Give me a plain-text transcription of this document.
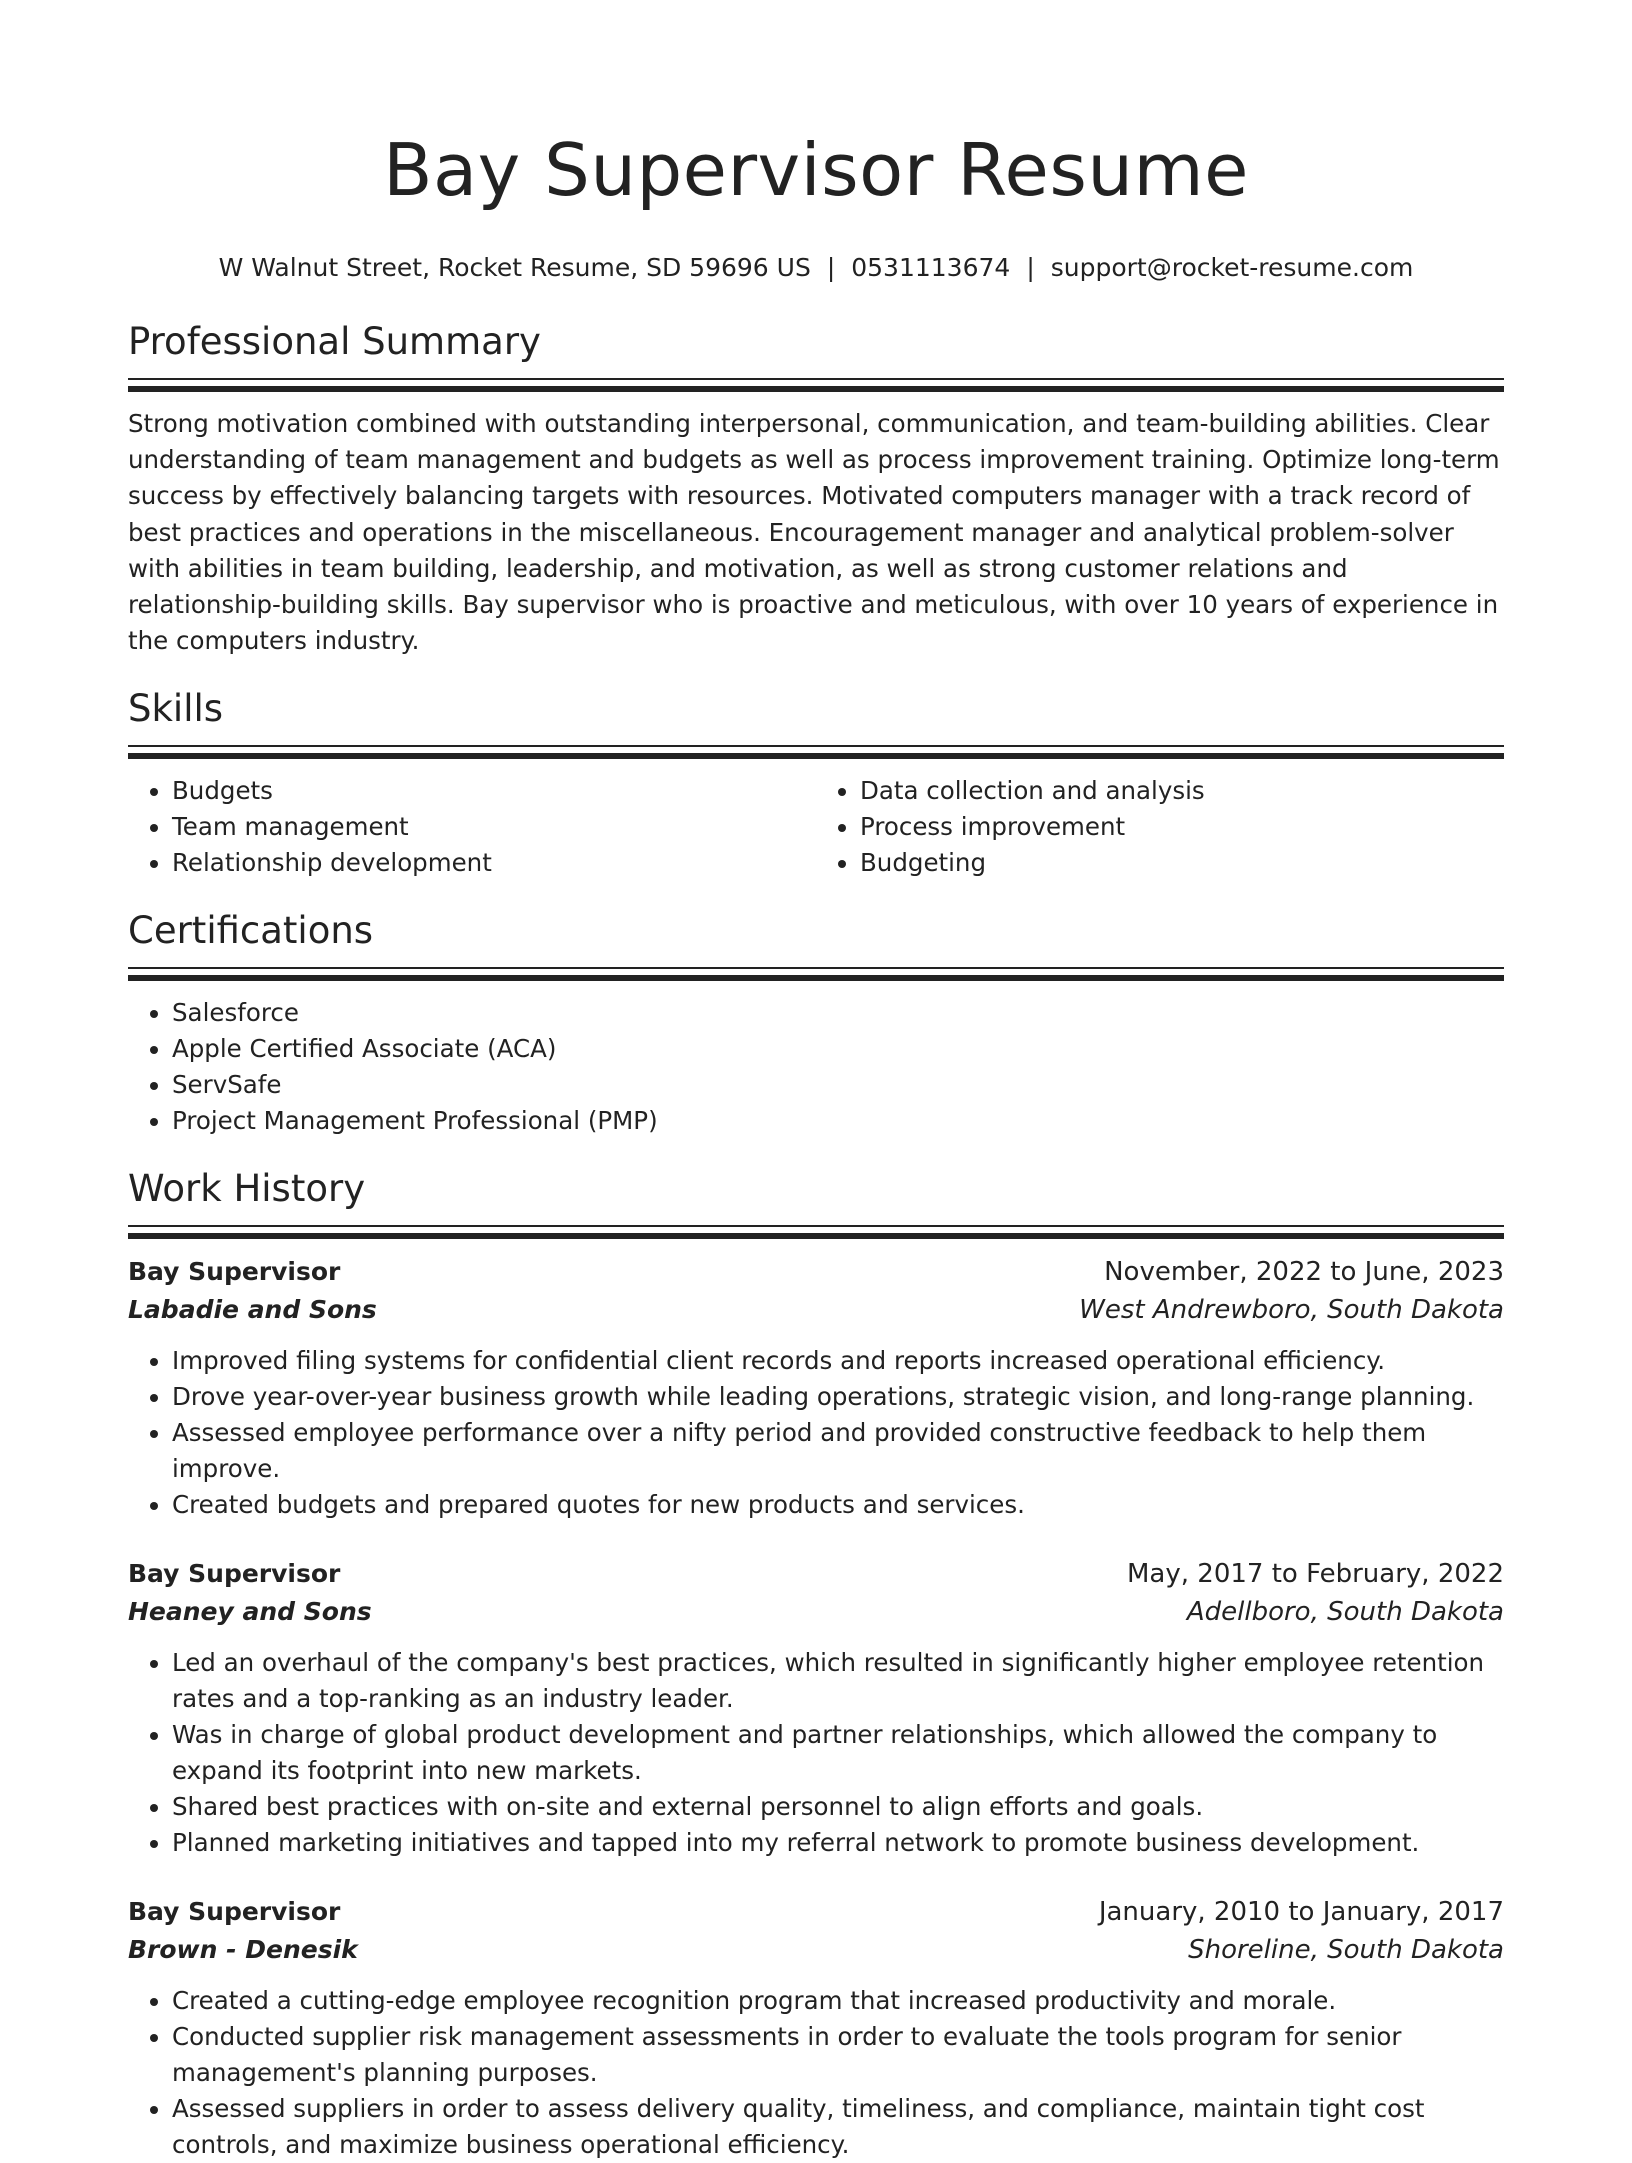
Bay Supervisor Resume
W Walnut Street, Rocket Resume, SD 59696 US | 0531113674 | support@rocket-resume.com
Professional Summary

Strong motivation combined with outstanding interpersonal, communication, and team-building abilities. Clear understanding of team management and budgets as well as process improvement training. Optimize long-term success by effectively balancing targets with resources. Motivated computers manager with a track record of best practices and operations in the miscellaneous. Encouragement manager and analytical problem-solver with abilities in team building, leadership, and motivation, as well as strong customer relations and relationship-building skills. Bay supervisor who is proactive and meticulous, with over 10 years of experience in the computers industry.

Skills
• Budgets
• Team management
• Relationship development
• Data collection and analysis
• Process improvement
• Budgeting
Certifications
• Salesforce
• Apple Certified Associate (ACA)
• ServSafe
• Project Management Professional (PMP)
Work History
Bay Supervisor	November, 2022 to June, 2023
Labadie and Sons	West Andrewboro, South Dakota
• Improved filing systems for confidential client records and reports increased operational efficiency.
• Drove year-over-year business growth while leading operations, strategic vision, and long-range planning.
• Assessed employee performance over a nifty period and provided constructive feedback to help them improve.
• Created budgets and prepared quotes for new products and services.
Bay Supervisor	May, 2017 to February, 2022
Heaney and Sons	Adellboro, South Dakota
• Led an overhaul of the company's best practices, which resulted in significantly higher employee retention rates and a top-ranking as an industry leader.
• Was in charge of global product development and partner relationships, which allowed the company to expand its footprint into new markets.
• Shared best practices with on-site and external personnel to align efforts and goals.
• Planned marketing initiatives and tapped into my referral network to promote business development.
Bay Supervisor	January, 2010 to January, 2017
Brown - Denesik	Shoreline, South Dakota
• Created a cutting-edge employee recognition program that increased productivity and morale.
• Conducted supplier risk management assessments in order to evaluate the tools program for senior management's planning purposes.
• Assessed suppliers in order to assess delivery quality, timeliness, and compliance, maintain tight cost controls, and maximize business operational efficiency.
